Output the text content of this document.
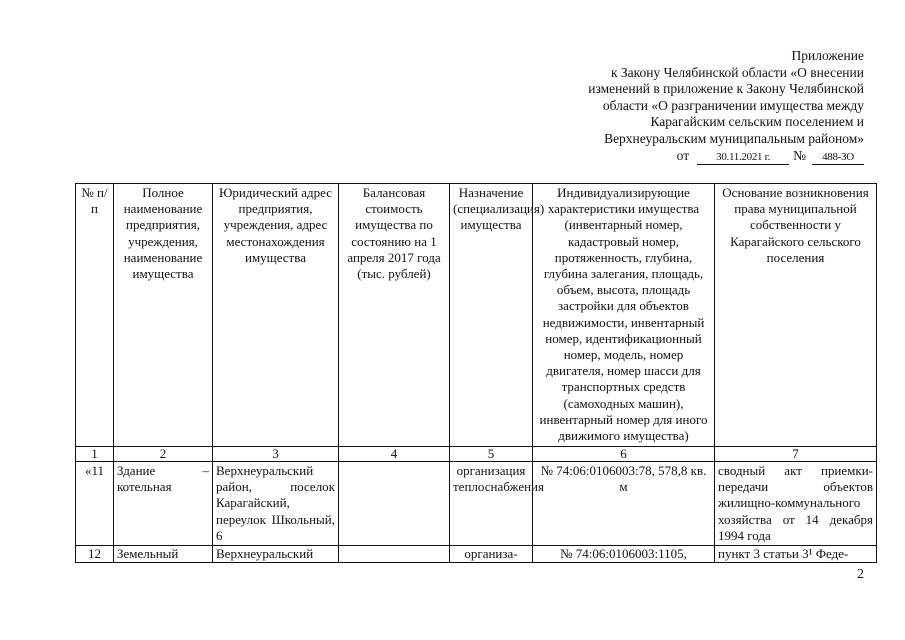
Приложение
к Закону Челябинской области «О внесении
изменений в приложение к Закону Челябинской
области «О разграничении имущества между
Карагайским сельским поселением и
Верхнеуральским муниципальным районом»
от 30.11.2021 г. № 488-ЗО
№ п/п	Полное наименование предприятия, учреждения, наименование имущества	Юридический адрес предприятия, учреждения, адрес местонахождения имущества	Балансовая стоимость имущества по состоянию на 1 апреля 2017 года (тыс. рублей)	Назначение (специализация) имущества	Индивидуализирующие характеристики имущества (инвентарный номер, кадастровый номер, протяженность, глубина, глубина залегания, площадь, объем, высота, площадь застройки для объектов недвижимости, инвентарный номер, идентификационный номер, модель, номер двигателя, номер шасси для транспортных средств (самоходных машин), инвентарный номер для иного движимого имущества)	Основание возникновения права муниципальной собственности у Карагайского сельского поселения
1	2	3	4	5	6	7
«11	Здание – котельная	Верхнеуральский район, поселок Карагайский, переулок Школьный, 6		организация теплоснабжения	№ 74:06:0106003:78, 578,8 кв. м	сводный акт приемки-передачи объектов жилищно-коммунального хозяйства от 14 декабря 1994 года
12	Земельный	Верхнеуральский		организа-	№ 74:06:0106003:1105,	пункт 3 статьи 3¹ Феде-
2
